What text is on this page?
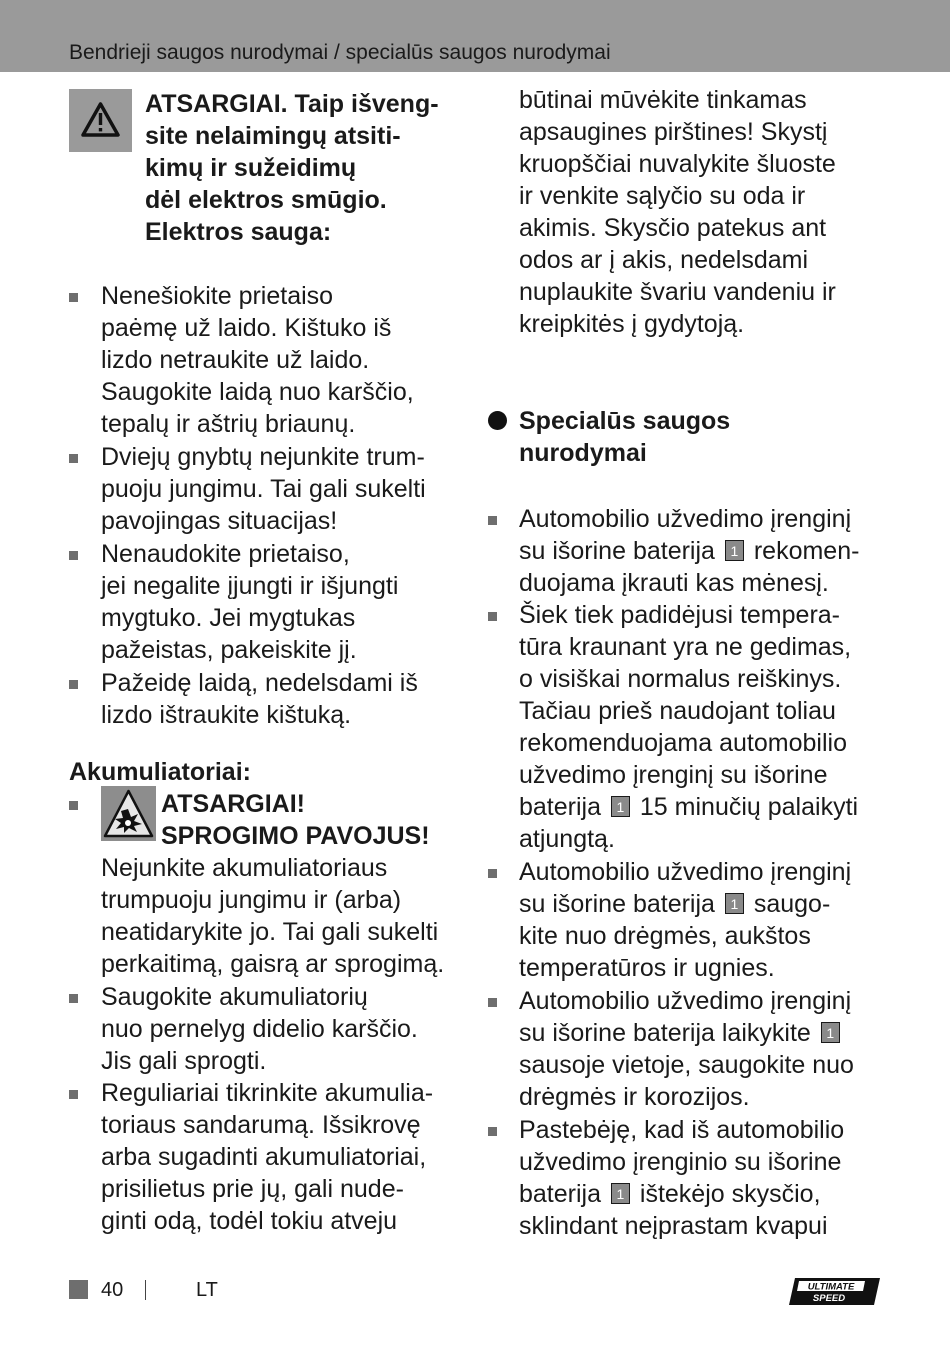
Bendrieji saugos nurodymai / specialūs saugos nurodymai
ATSARGIAI. Taip išveng-
site nelaimingų atsiti-
kimų ir sužeidimų
dėl elektros smūgio.
Elektros sauga:
Nenešiokite prietaiso
paėmę už laido. Kištuko iš
lizdo netraukite už laido.
Saugokite laidą nuo karščio,
tepalų ir aštrių briaunų.
Dviejų gnybtų nejunkite trum-
puoju jungimu. Tai gali sukelti
pavojingas situacijas!
Nenaudokite prietaiso,
jei negalite įjungti ir išjungti
mygtuko. Jei mygtukas
pažeistas, pakeiskite jį.
Pažeidę laidą, nedelsdami iš
lizdo ištraukite kištuką.
Akumuliatoriai:
ATSARGIAI!
SPROGIMO PAVOJUS!
Nejunkite akumuliatoriaus
trumpuoju jungimu ir (arba)
neatidarykite jo. Tai gali sukelti
perkaitimą, gaisrą ar sprogimą.
Saugokite akumuliatorių
nuo pernelyg didelio karščio.
Jis gali sprogti.
Reguliariai tikrinkite akumulia-
toriaus sandarumą. Išsikrovę
arba sugadinti akumuliatoriai,
prisilietus prie jų, gali nude-
ginti odą, todėl tokiu atveju
būtinai mūvėkite tinkamas
apsaugines pirštines! Skystį
kruopščiai nuvalykite šluoste
ir venkite sąlyčio su oda ir
akimis. Skysčio patekus ant
odos ar į akis, nedelsdami
nuplaukite švariu vandeniu ir
kreipkitės į gydytoją.
Specialūs saugos
nurodymai
Automobilio užvedimo įrenginį
su išorine baterija 1 rekomen-
duojama įkrauti kas mėnesį.
Šiek tiek padidėjusi tempera-
tūra kraunant yra ne gedimas,
o visiškai normalus reiškinys.
Tačiau prieš naudojant toliau
rekomenduojama automobilio
užvedimo įrenginį su išorine
baterija 1 15 minučių palaikyti
atjungtą.
Automobilio užvedimo įrenginį
su išorine baterija 1 saugo-
kite nuo drėgmės, aukštos
temperatūros ir ugnies.
Automobilio užvedimo įrenginį
su išorine baterija laikykite 1
sausoje vietoje, saugokite nuo
drėgmės ir korozijos.
Pastebėję, kad iš automobilio
užvedimo įrenginio su išorine
baterija 1 ištekėjo skysčio,
sklindant neįprastam kvapui
40	LT	ULTIMATE
SPEED
